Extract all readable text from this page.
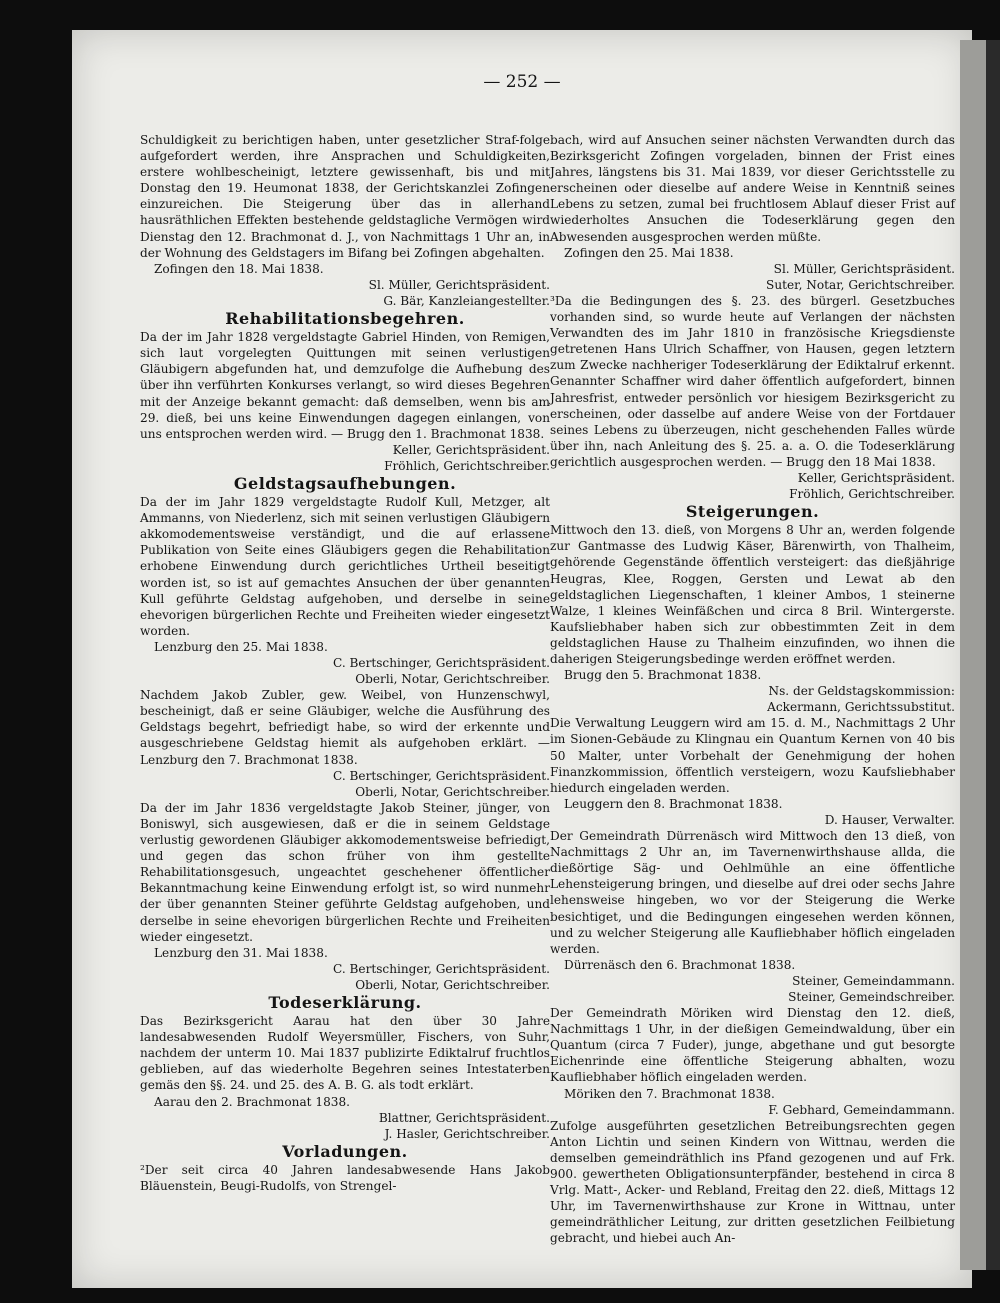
— 252 —

Schuldigkeit zu berichtigen haben, unter gesetzlicher Straf-folge aufgefordert werden, ihre Ansprachen und Schuldigkeiten, erstere wohlbescheinigt, letztere gewissenhaft, bis und mit Donstag den 19. Heumonat 1838, der Gerichtskanzlei Zofingen einzureichen. Die Steigerung über das in allerhand hausräthlichen Effekten bestehende geldstagliche Vermögen wird Dienstag den 12. Brachmonat d. J., von Nachmittags 1 Uhr an, in der Wohnung des Geldstagers im Bifang bei Zofingen abgehalten.

Zofingen den 18. Mai 1838.

Sl. Müller, Gerichtspräsident.

G. Bär, Kanzleiangestellter.

Rehabilitationsbegehren.

Da der im Jahr 1828 vergeldstagte Gabriel Hinden, von Remigen, sich laut vorgelegten Quittungen mit seinen verlustigen Gläubigern abgefunden hat, und demzufolge die Aufhebung des über ihn verführten Konkurses verlangt, so wird dieses Begehren mit der Anzeige bekannt gemacht: daß demselben, wenn bis am 29. dieß, bei uns keine Einwendungen dagegen einlangen, von uns entsprochen werden wird. — Brugg den 1. Brachmonat 1838.

Keller, Gerichtspräsident.

Fröhlich, Gerichtschreiber.

Geldstagsaufhebungen.

Da der im Jahr 1829 vergeldstagte Rudolf Kull, Metzger, alt Ammanns, von Niederlenz, sich mit seinen verlustigen Gläubigern akkomodementsweise verständigt, und die auf erlassene Publikation von Seite eines Gläubigers gegen die Rehabilitation erhobene Einwendung durch gerichtliches Urtheil beseitigt worden ist, so ist auf gemachtes Ansuchen der über genannten Kull geführte Geldstag aufgehoben, und derselbe in seine ehevorigen bürgerlichen Rechte und Freiheiten wieder eingesetzt worden.

Lenzburg den 25. Mai 1838.

C. Bertschinger, Gerichtspräsident.

Oberli, Notar, Gerichtschreiber.

Nachdem Jakob Zubler, gew. Weibel, von Hunzenschwyl, bescheinigt, daß er seine Gläubiger, welche die Ausführung des Geldstags begehrt, befriedigt habe, so wird der erkennte und ausgeschriebene Geldstag hiemit als aufgehoben erklärt. — Lenzburg den 7. Brachmonat 1838.

C. Bertschinger, Gerichtspräsident.

Oberli, Notar, Gerichtschreiber.

Da der im Jahr 1836 vergeldstagte Jakob Steiner, jünger, von Boniswyl, sich ausgewiesen, daß er die in seinem Geldstage verlustig gewordenen Gläubiger akkomodementsweise befriedigt, und gegen das schon früher von ihm gestellte Rehabilitationsgesuch, ungeachtet geschehener öffentlicher Bekanntmachung keine Einwendung erfolgt ist, so wird nunmehr der über genannten Steiner geführte Geldstag aufgehoben, und derselbe in seine ehevorigen bürgerlichen Rechte und Freiheiten wieder eingesetzt.

Lenzburg den 31. Mai 1838.

C. Bertschinger, Gerichtspräsident.

Oberli, Notar, Gerichtschreiber.

Todeserklärung.

Das Bezirksgericht Aarau hat den über 30 Jahre landesabwesenden Rudolf Weyersmüller, Fischers, von Suhr, nachdem der unterm 10. Mai 1837 publizirte Ediktalruf fruchtlos geblieben, auf das wiederholte Begehren seines Intestaterben gemäs den §§. 24. und 25. des A. B. G. als todt erklärt.

Aarau den 2. Brachmonat 1838.

Blattner, Gerichtspräsident.

J. Hasler, Gerichtschreiber.

Vorladungen.

²Der seit circa 40 Jahren landesabwesende Hans Jakob Bläuenstein, Beugi-Rudolfs, von Strengel-

bach, wird auf Ansuchen seiner nächsten Verwandten durch das Bezirksgericht Zofingen vorgeladen, binnen der Frist eines Jahres, längstens bis 31. Mai 1839, vor dieser Gerichtsstelle zu erscheinen oder dieselbe auf andere Weise in Kenntniß seines Lebens zu setzen, zumal bei fruchtlosem Ablauf dieser Frist auf wiederholtes Ansuchen die Todeserklärung gegen den Abwesenden ausgesprochen werden müßte.

Zofingen den 25. Mai 1838.

Sl. Müller, Gerichtspräsident.

Suter, Notar, Gerichtschreiber.

³Da die Bedingungen des §. 23. des bürgerl. Gesetzbuches vorhanden sind, so wurde heute auf Verlangen der nächsten Verwandten des im Jahr 1810 in französische Kriegsdienste getretenen Hans Ulrich Schaffner, von Hausen, gegen letztern zum Zwecke nachheriger Todeserklärung der Ediktalruf erkennt. Genannter Schaffner wird daher öffentlich aufgefordert, binnen Jahresfrist, entweder persönlich vor hiesigem Bezirksgericht zu erscheinen, oder dasselbe auf andere Weise von der Fortdauer seines Lebens zu überzeugen, nicht geschehenden Falles würde über ihn, nach Anleitung des §. 25. a. a. O. die Todeserklärung gerichtlich ausgesprochen werden. — Brugg den 18 Mai 1838.

Keller, Gerichtspräsident.

Fröhlich, Gerichtschreiber.

Steigerungen.

Mittwoch den 13. dieß, von Morgens 8 Uhr an, werden folgende zur Gantmasse des Ludwig Käser, Bärenwirth, von Thalheim, gehörende Gegenstände öffentlich versteigert: das dießjährige Heugras, Klee, Roggen, Gersten und Lewat ab den geldstaglichen Liegenschaften, 1 kleiner Ambos, 1 steinerne Walze, 1 kleines Weinfäßchen und circa 8 Bril. Wintergerste. Kaufsliebhaber haben sich zur obbestimmten Zeit in dem geldstaglichen Hause zu Thalheim einzufinden, wo ihnen die daherigen Steigerungsbedinge werden eröffnet werden.

Brugg den 5. Brachmonat 1838.

Ns. der Geldstagskommission:

Ackermann, Gerichtssubstitut.

Die Verwaltung Leuggern wird am 15. d. M., Nachmittags 2 Uhr im Sionen-Gebäude zu Klingnau ein Quantum Kernen von 40 bis 50 Malter, unter Vorbehalt der Genehmigung der hohen Finanzkommission, öffentlich versteigern, wozu Kaufsliebhaber hiedurch eingeladen werden.

Leuggern den 8. Brachmonat 1838.

D. Hauser, Verwalter.

Der Gemeindrath Dürrenäsch wird Mittwoch den 13 dieß, von Nachmittags 2 Uhr an, im Tavernenwirthshause allda, die dießörtige Säg- und Oehlmühle an eine öffentliche Lehensteigerung bringen, und dieselbe auf drei oder sechs Jahre lehensweise hingeben, wo vor der Steigerung die Werke besichtiget, und die Bedingungen eingesehen werden können, und zu welcher Steigerung alle Kaufliebhaber höflich eingeladen werden.

Dürrenäsch den 6. Brachmonat 1838.

Steiner, Gemeindammann.

Steiner, Gemeindschreiber.

Der Gemeindrath Möriken wird Dienstag den 12. dieß, Nachmittags 1 Uhr, in der dießigen Gemeindwaldung, über ein Quantum (circa 7 Fuder), junge, abgethane und gut besorgte Eichenrinde eine öffentliche Steigerung abhalten, wozu Kaufliebhaber höflich eingeladen werden.

Möriken den 7. Brachmonat 1838.

F. Gebhard, Gemeindammann.

Zufolge ausgeführten gesetzlichen Betreibungsrechten gegen Anton Lichtin und seinen Kindern von Wittnau, werden die demselben gemeindräthlich ins Pfand gezogenen und auf Frk. 900. gewertheten Obligationsunterpfänder, bestehend in circa 8 Vrlg. Matt-, Acker- und Rebland, Freitag den 22. dieß, Mittags 12 Uhr, im Tavernenwirthshause zur Krone in Wittnau, unter gemeindräthlicher Leitung, zur dritten gesetzlichen Feilbietung gebracht, und hiebei auch An-
